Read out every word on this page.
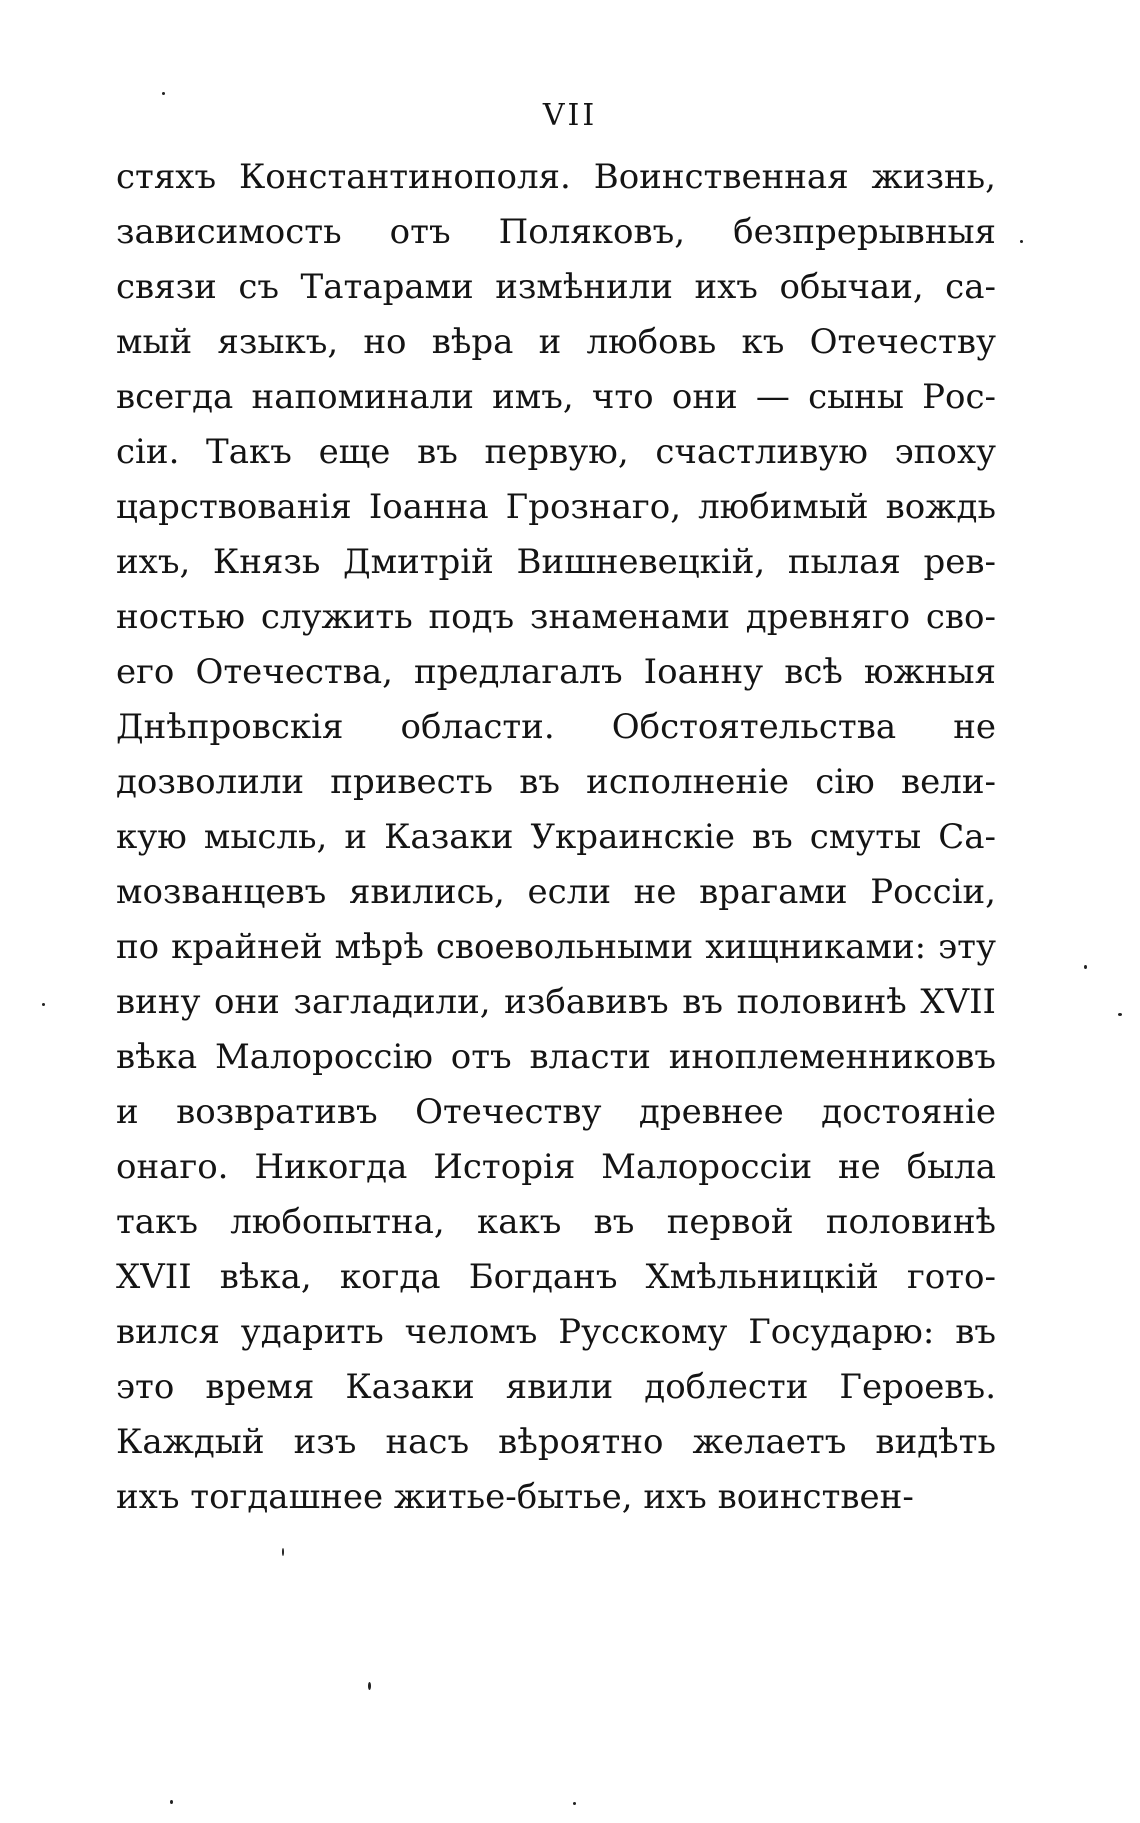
VII
стяхъ Константинополя. Воинственная жизнь,
зависимость отъ Поляковъ, безпрерывныя
связи съ Татарами измѣнили ихъ обычаи, са-
мый языкъ, но вѣра и любовь къ Отечеству
всегда напоминали имъ, что они — сыны Рос-
сіи. Такъ еще въ первую, счастливую эпоху
царствованія Іоанна Грознаго, любимый вождь
ихъ, Князь Дмитрій Вишневецкій, пылая рев-
ностью служить подъ знаменами древняго сво-
его Отечества, предлагалъ Іоанну всѣ южныя
Днѣпровскія области. Обстоятельства не
дозволили привесть въ исполненіе сію вели-
кую мысль, и Казаки Украинскіе въ смуты Са-
мозванцевъ явились, если не врагами Россіи,
по крайней мѣрѣ своевольными хищниками: эту
вину они загладили, избавивъ въ половинѣ XVII
вѣка Малороссію отъ власти иноплеменниковъ
и возвративъ Отечеству древнее достояніе
онаго. Никогда Исторія Малороссіи не была
такъ любопытна, какъ въ первой половинѣ
XVII вѣка, когда Богданъ Хмѣльницкій гото-
вился ударить челомъ Русскому Государю: въ
это время Казаки явили доблести Героевъ.
Каждый изъ насъ вѣроятно желаетъ видѣть
ихъ тогдашнее житье-бытье, ихъ воинствен-
